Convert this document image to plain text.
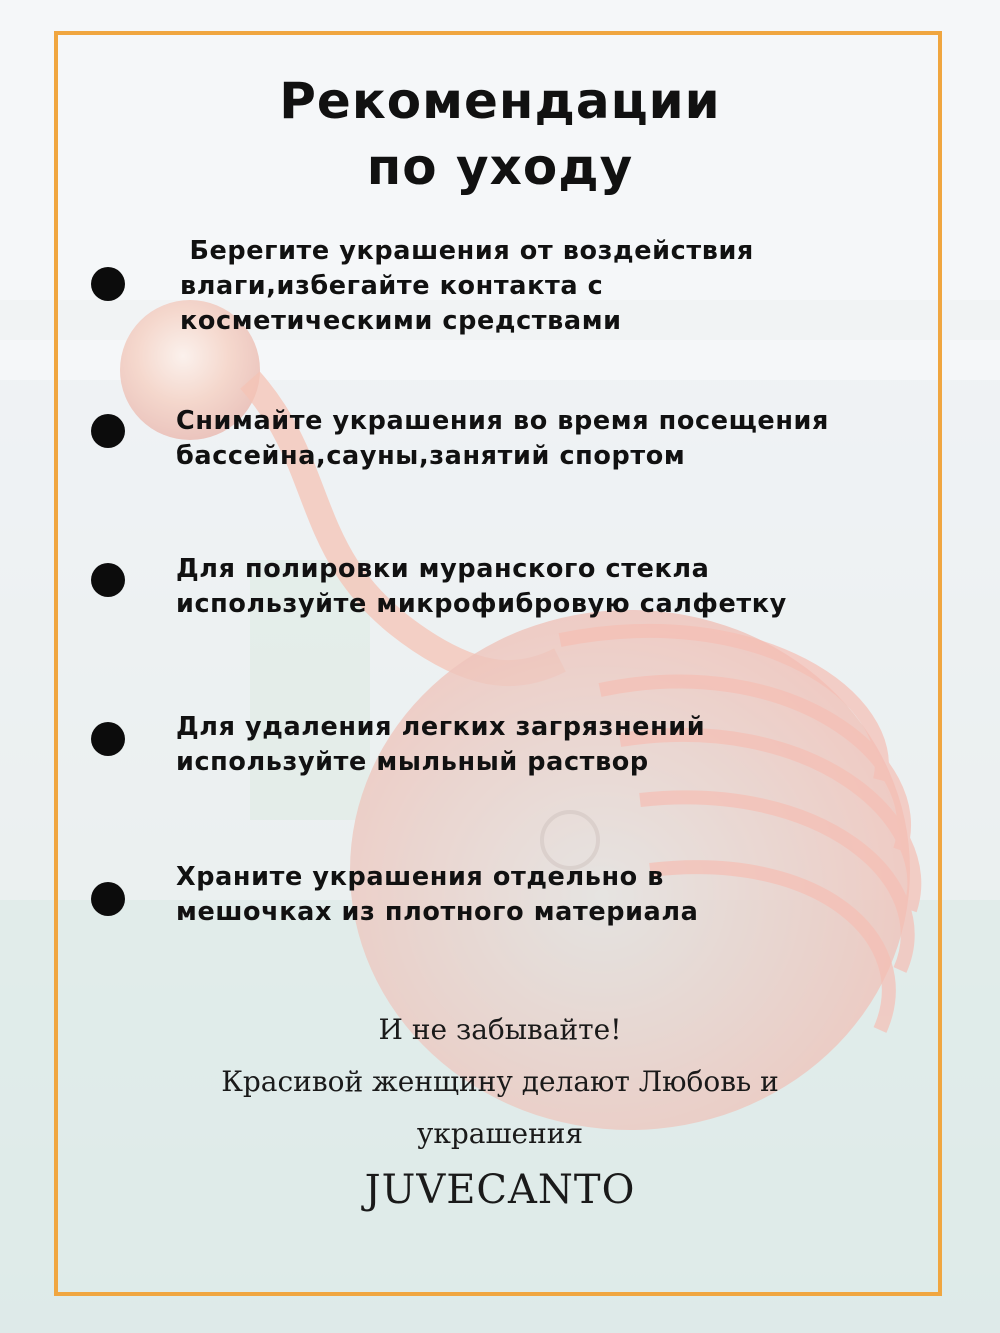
Рекомендации
по уходу
Берегите украшения от воздействия
влаги,избегайте контакта с
косметическими средствами
Снимайте украшения во время посещения
бассейна,сауны,занятий спортом
Для полировки муранского стекла
используйте микрофибровую салфетку
Для удаления легких загрязнений
используйте мыльный раствор
Храните украшения отдельно в
мешочках из плотного материала
И не забывайте!
Красивой женщину делают Любовь и
украшения
JUVECANTO
